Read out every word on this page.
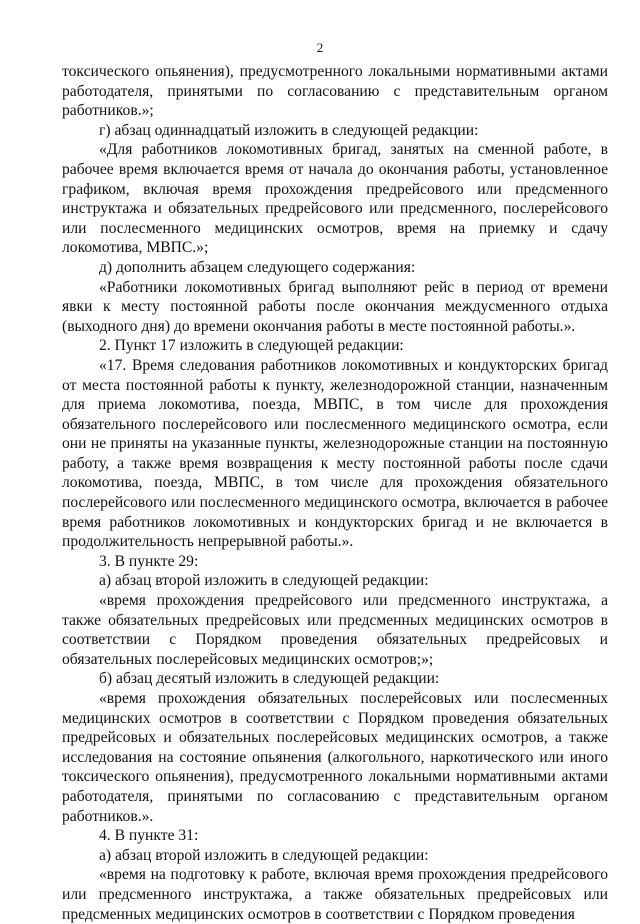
2

токсического опьянения), предусмотренного локальными нормативными актами работодателя, принятыми по согласованию с представительным органом работников.»;

г) абзац одиннадцатый изложить в следующей редакции:

«Для работников локомотивных бригад, занятых на сменной работе, в рабочее время включается время от начала до окончания работы, установленное графиком, включая время прохождения предрейсового или предсменного инструктажа и обязательных предрейсового или предсменного, послерейсового или послесменного медицинских осмотров, время на приемку и сдачу локомотива, МВПС.»;

д) дополнить абзацем следующего содержания:

«Работники локомотивных бригад выполняют рейс в период от времени явки к месту постоянной работы после окончания междусменного отдыха (выходного дня) до времени окончания работы в месте постоянной работы.».

2. Пункт 17 изложить в следующей редакции:

«17. Время следования работников локомотивных и кондукторских бригад от места постоянной работы к пункту, железнодорожной станции, назначенным для приема локомотива, поезда, МВПС, в том числе для прохождения обязательного послерейсового или послесменного медицинского осмотра, если они не приняты на указанные пункты, железнодорожные станции на постоянную работу, а также время возвращения к месту постоянной работы после сдачи локомотива, поезда, МВПС, в том числе для прохождения обязательного послерейсового или послесменного медицинского осмотра, включается в рабочее время работников локомотивных и кондукторских бригад и не включается в продолжительность непрерывной работы.».

3. В пункте 29:

а) абзац второй изложить в следующей редакции:

«время прохождения предрейсового или предсменного инструктажа, а также обязательных предрейсовых или предсменных медицинских осмотров в соответствии с Порядком проведения обязательных предрейсовых и обязательных послерейсовых медицинских осмотров;»;

б) абзац десятый изложить в следующей редакции:

«время прохождения обязательных послерейсовых или послесменных медицинских осмотров в соответствии с Порядком проведения обязательных предрейсовых и обязательных послерейсовых медицинских осмотров, а также исследования на состояние опьянения (алкогольного, наркотического или иного токсического опьянения), предусмотренного локальными нормативными актами работодателя, принятыми по согласованию с представительным органом работников.».

4. В пункте 31:

а) абзац второй изложить в следующей редакции:

«время на подготовку к работе, включая время прохождения предрейсового или предсменного инструктажа, а также обязательных предрейсовых или предсменных медицинских осмотров в соответствии с Порядком проведения
